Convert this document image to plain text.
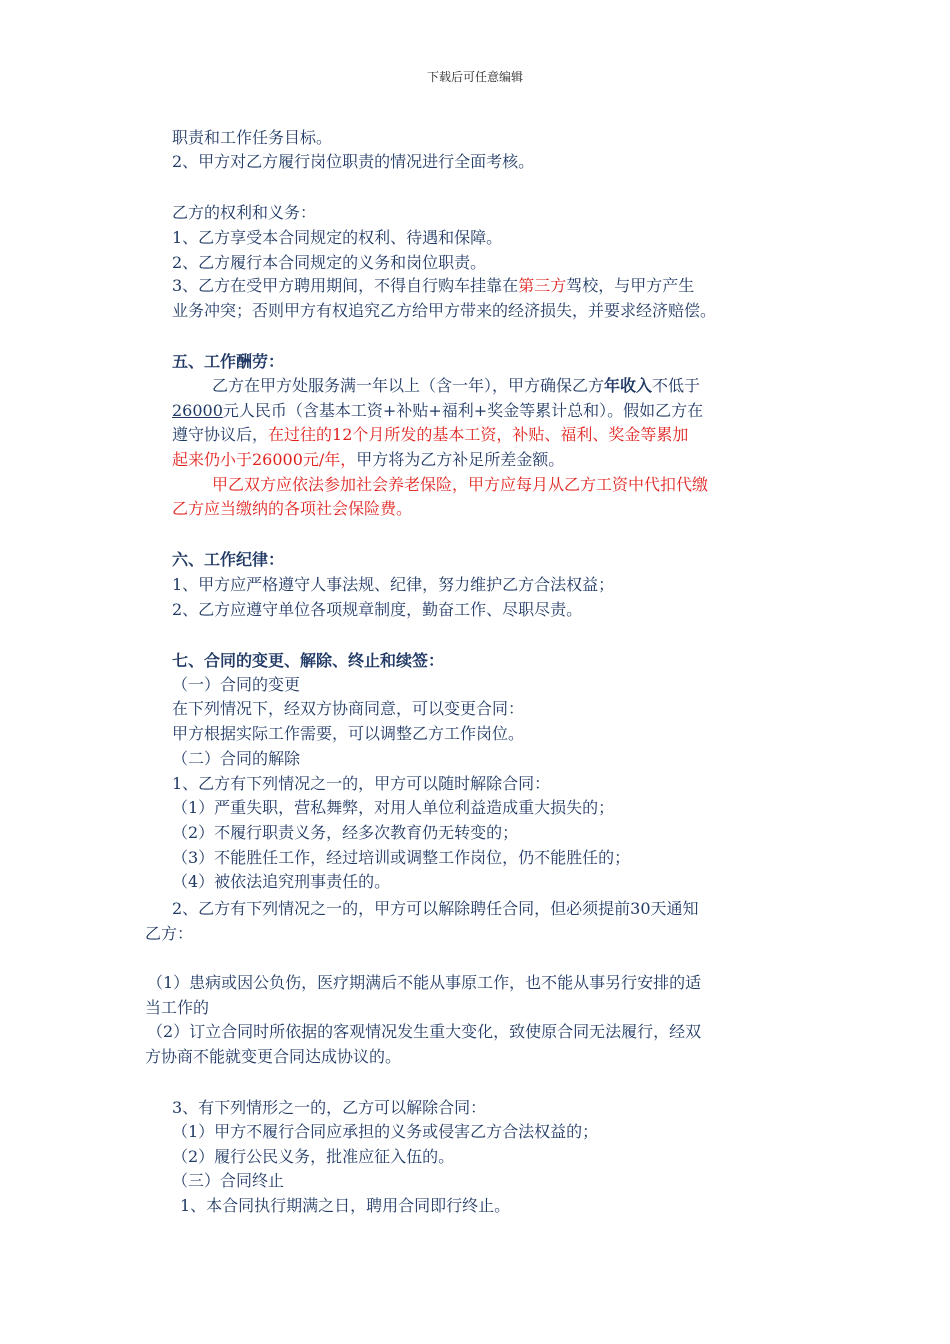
下载后可任意编辑
职责和工作任务目标。
2、甲方对乙方履行岗位职责的情况进行全面考核。
乙方的权利和义务：
1、乙方享受本合同规定的权利、待遇和保障。
2、乙方履行本合同规定的义务和岗位职责。
3、乙方在受甲方聘用期间，不得自行购车挂靠在第三方驾校，与甲方产生
业务冲突；否则甲方有权追究乙方给甲方带来的经济损失，并要求经济赔偿。
五、工作酬劳：
乙方在甲方处服务满一年以上（含一年），甲方确保乙方年收入不低于
26000元人民币（含基本工资+补贴+福利+奖金等累计总和）。假如乙方在
遵守协议后，在过往的12个月所发的基本工资，补贴、福利、奖金等累加
起来仍小于26000元/年，甲方将为乙方补足所差金额。
甲乙双方应依法参加社会养老保险，甲方应每月从乙方工资中代扣代缴
乙方应当缴纳的各项社会保险费。
六、工作纪律：
1、甲方应严格遵守人事法规、纪律，努力维护乙方合法权益；
2、乙方应遵守单位各项规章制度，勤奋工作、尽职尽责。
七、合同的变更、解除、终止和续签：
（一）合同的变更
在下列情况下，经双方协商同意，可以变更合同：
甲方根据实际工作需要，可以调整乙方工作岗位。
（二）合同的解除
1、乙方有下列情况之一的，甲方可以随时解除合同：
（1）严重失职，营私舞弊，对用人单位利益造成重大损失的；
（2）不履行职责义务，经多次教育仍无转变的；
（3）不能胜任工作，经过培训或调整工作岗位，仍不能胜任的；
（4）被依法追究刑事责任的。
2、乙方有下列情况之一的，甲方可以解除聘任合同，但必须提前30天通知
乙方：
（1）患病或因公负伤，医疗期满后不能从事原工作，也不能从事另行安排的适
当工作的
（2）订立合同时所依据的客观情况发生重大变化，致使原合同无法履行，经双
方协商不能就变更合同达成协议的。
3、有下列情形之一的，乙方可以解除合同：
（1）甲方不履行合同应承担的义务或侵害乙方合法权益的；
（2）履行公民义务，批准应征入伍的。
（三）合同终止
1、本合同执行期满之日，聘用合同即行终止。
